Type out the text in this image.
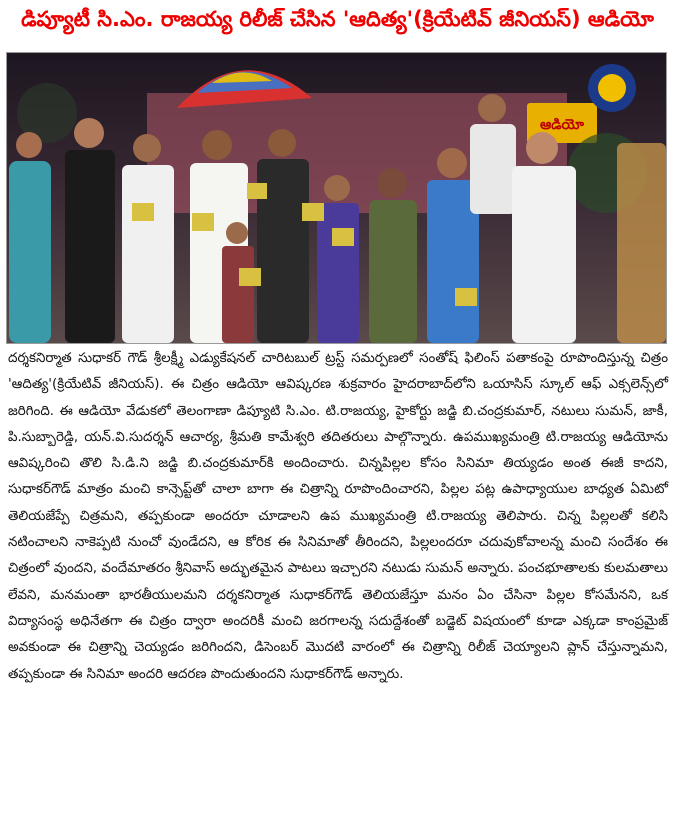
డిప్యూటీ సి.ఎం. రాజయ్య రిలీజ్ చేసిన 'ఆదిత్య'(క్రియేటివ్ జీనియస్) ఆడియో
ఆడియో

దర్శకనిర్మాత సుధాకర్ గౌడ్ శ్రీలక్ష్మీ ఎడ్యుకేషనల్ చారిటబుల్ ట్రస్ట్ సమర్పణలో సంతోష్ ఫిలింస్ పతాకంపై రూపొందిస్తున్న చిత్రం 'ఆదిత్య'(క్రియేటివ్ జీనియస్). ఈ చిత్రం ఆడియో ఆవిష్కరణ శుక్రవారం హైదరాబాద్‌లోని ఒయాసిస్ స్కూల్ ఆఫ్ ఎక్సలెన్స్‌లో జరిగింది. ఈ ఆడియో వేడుకలో తెలంగాణా డిప్యూటి సి.ఎం. టి.రాజయ్య, హైకోర్టు జడ్జి బి.చంద్రకుమార్, నటులు సుమన్, జాకీ, పి.సుబ్బారెడ్డి, యన్.వి.సుదర్శన్ ఆచార్య, శ్రీమతి కామేశ్వరి తదితరులు పాల్గొన్నారు. ఉపముఖ్యమంత్రి టి.రాజయ్య ఆడియోను ఆవిష్కరించి తొలి సి.డి.ని జడ్జి బి.చంద్రకుమార్‌కి అందించారు. చిన్నపిల్లల కోసం సినిమా తియ్యడం అంత ఈజీ కాదని, సుధాకర్‌గౌడ్ మాత్రం మంచి కాన్సెప్ట్‌తో చాలా బాగా ఈ చిత్రాన్ని రూపొందించారని, పిల్లల పట్ల ఉపాధ్యాయుల బాధ్యత ఏమిటో తెలియజేప్పే చిత్రమని, తప్పకుండా అందరూ చూడాలని ఉప ముఖ్యమంత్రి టి.రాజయ్య తెలిపారు. చిన్న పిల్లలతో కలిసి నటించాలని నాకెప్పటి నుంచో వుండేదని, ఆ కోరిక ఈ సినిమాతో తీరిందని, పిల్లలందరూ చదువుకోవాలన్న మంచి సందేశం ఈ చిత్రంలో వుందని, వందేమాతరం శ్రీనివాస్ అద్భుతమైన పాటలు ఇచ్చారని నటుడు సుమన్ అన్నారు. పంచభూతాలకు కులమతాలు లేవని, మనమంతా భారతీయులమని దర్శకనిర్మాత సుధాకర్‌గౌడ్ తెలియజేస్తూ మనం ఏం చేసినా పిల్లల కోసమేనని, ఒక విద్యాసంస్థ అధినేతగా ఈ చిత్రం ద్వారా అందరికీ మంచి జరగాలన్న సదుద్దేశంతో బడ్జెట్ విషయంలో కూడా ఎక్కడా కాంప్రమైజ్ అవకుండా ఈ చిత్రాన్ని చెయ్యడం జరిగిందని, డిసెంబర్ మొదటి వారంలో ఈ చిత్రాన్ని రిలీజ్ చెయ్యాలని ప్లాన్ చేస్తున్నామని, తప్పకుండా ఈ సినిమా అందరి ఆదరణ పొందుతుందని సుధాకర్‌గౌడ్ అన్నారు.
